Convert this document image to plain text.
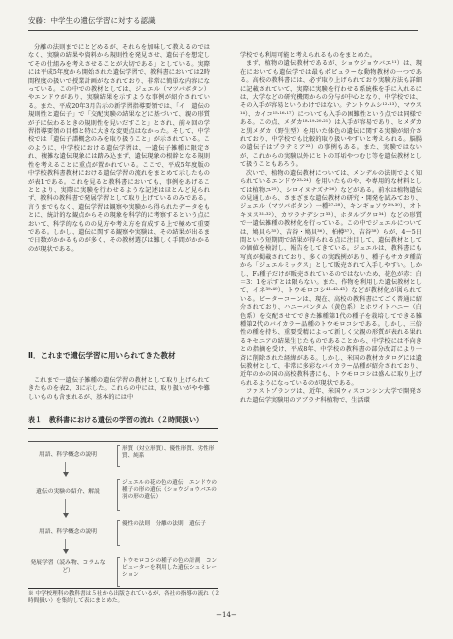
安藤：中学生の遺伝学習に対する認識

分離の法則までにとどめるが、それらを加味して教えるのではなく、実験の結果や資料から規則性を発見させ、遺伝子を想定してその仕組みを考えさせることが大切である」としている。実際には平成5年度から開始された遺伝学習で、教科書においては2時間程度の扱いで授業計画がなされており、非常に簡単な内容になっている。この中での教材としては、ジュエル（マツバボタン）やエンドウがあり、実験結果を示すような事例が紹介されている。また、平成20年3月告示の新学習指導要領では、「イ　遺伝の規則性と遺伝子」で「交配実験の結果などに基づいて、親の形質が子に伝わるときの規則性を見いだすこと」とされ、前々回の学習指導要領の目標と特に大きな変更点はなかった。そして、中学校では「遺伝子譜概念のみを取り扱うこと」が示されている。このように、中学校における遺伝学習は、一遺伝子雑種に限定され、複雑な遺伝現象には踏み込まず、遺伝現象の根幹となる規則性を考えることに重点が置かれている。ここで、平成5年度版の中学校教科書教材における遺伝学習の流れをまとめて示したものが表1である。これを見ると教科書においても、事例をあげることとより、実際に実験を行わせるような記述はほとんど見られず、教科の教科書で発展学習として取り上げているのみである。言うまでもなく、遺伝学習は観察や実験から得られたデータをもとに、統計的な観点からその現象を科学的に考察するという点において、科学的なものの見方や考え方を育成する上で極めて重要である。しかし、遺伝に関する観察や実験は、その結果が出るまで日数がかかるものが多く、その教材選びは難しく手間がかかるのが現状である。

Ⅱ．これまで遺伝学習に用いられてきた教材

これまで一遺伝子雑種の遺伝学習の教材として取り上げられてきたものを表2、3に示した。これらの中には、取り扱いがやや難しいものも含まれるが、基本的には中

表１　教科書における遺伝の学習の流れ（２時間扱い）
用語、科学概念の説明
形質（対立形質）、優性形質、劣性形質、純系
遺伝の実験の紹介、解説
ジュエルの花の色の遺伝　エンドウの種子の形の遺伝（ショウジョウバエの羽の形の遺伝）
用語、科学概念の説明
優性の法則　分離の法則　遺伝子
発展学習（読み物、コラムなど）
トウモロコシの種子の色の計測　コンピューターを利用した遺伝シュミレーション
※ 中学校理科の教科書は５社から出版されているが、各社の指導の流れ（２時間扱い）を集約して表にまとめた。

学校でも利用可能と考えられるものをまとめた。

まず、植物の遺伝教材であるが、ショウジョウバエ¹¹）は、現在においても遺伝学では最もポピュラーな動物教材の一つである。高校の教科書には、必ず取り上げられており実験方法も詳細に記載されていて、実際に実験を行わせる系統株を手に入れるには、大学などの研究機関からの分与が中心となり、中学校では、その入手が容易というわけではない。テントウムシ¹²·¹³）、マウス¹⁴）、カイコ¹⁵·¹⁶·¹⁷）についても入手の困難性という点では同様である。この点、メダカ¹⁸·¹⁹·²⁰·²¹）は入手が容易であり、ヒメダカと黒メダカ（野生型）を用いた体色の遺伝に関する実験が紹介されており、中学校でも比較的取り扱いやすいと考えられる。脳腸の遺伝子はプラテミア²²）の事例もある。また、実験ではないが、これからの実験以外にヒトの耳垢やつむじ等を遺伝教材として扱うこともあろう。

次いで、植物の遺伝教材については、メンデルの法則でよく知られているエンドウ²³·²⁴）を用いたものや、や専用的な材料としては植物ユ²⁵）、シロイヌナズナ²⁶）などがある。前水は植物遺伝の見通しから、さまざまな遺伝教材の研究・開発を試みており、ジュエル（マツバボタン）一種²⁷·²⁸）、キンギョソウ²⁹·³⁰）、オトキヌス³¹·³²）、カワラナデシコ³³）、ホタルブクロ³⁴）などの形質で一遺伝雑種の教材化を行っている。この中でジュエルについては、鳩貝ら³⁵）、吉谷・鳩貝³⁶）、柏樽³⁷）、吉谷³⁸）らが、4〜5日間という短期間で結果が得られる点に注目して、遺伝教材としての価値を検討し、報告をしてきている。ジュエルは、教科書にも写真が掲載されており、多くの実践例があり、種子もサカタ種苗から「ジュエルミックス」として販売されて入手しやすい。しかし、F₁種子だけが販売されているのではないため、花色が赤：白＝3：1を示すとは限らない。また、作物を利用した遺伝教材として、イネ³⁹·⁴⁰）、トウモロコシ⁴¹·⁴²·⁴³）などが教材化が図られている。ビーターコーンは、現在、高校の教科書にてごく普通に紹介されており、ハニーバンタム（黄色系）とホワイトハニー（白色系）を交配させてできた雑種第1代の種子を栽培してできる雑種第2代のバイカラー品種のトウモロコシである。しかし、三倍性の種を持ち、重要受精によって新しく父親の形質が表れる果れるキセニアの結果生じたものであることから、中学校には不向きとの指摘を受け、平成8年、中学校の教科書の部分改訂により一斉に削除された経緯がある。しかし、米国の教材カタログには遺伝教材として、非常に多彩なバイカラー品種が紹介されており、近年のかの国の高校教科書にも、トウモロコシは盛んに取り上げられるようになっているのが現状である。

ファストプランツは、近年、米国ウィスコンシン大学で開発された遺伝学実験用のアブラナ科植物で、生活環

−14−
